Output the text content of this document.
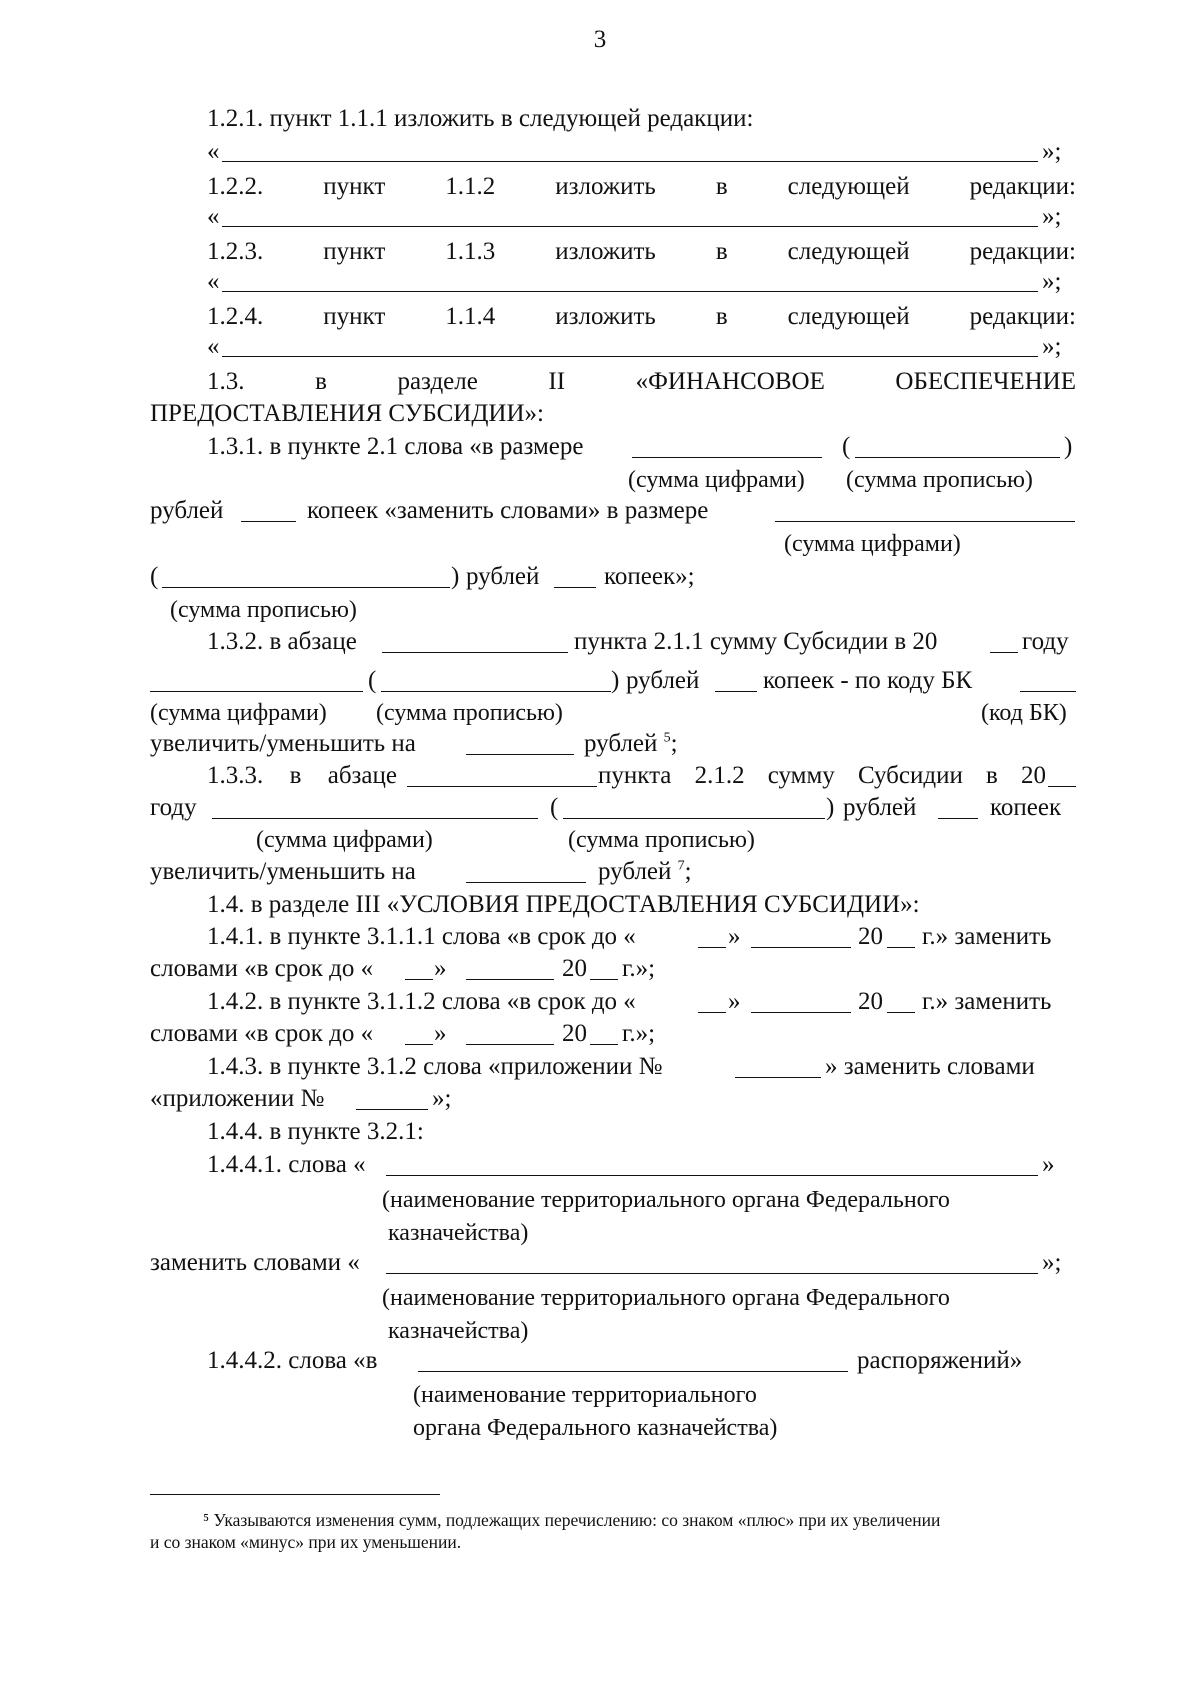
3
1.2.1. пункт 1.1.1 изложить в следующей редакции:
«	»;
1.2.2. пункт 1.1.2 изложить в следующей редакции:
«	»;
1.2.3. пункт 1.1.3 изложить в следующей редакции:
«	»;
1.2.4. пункт 1.1.4 изложить в следующей редакции:
«	»;
1.3.	в	разделе	II	«ФИНАНСОВОЕ	ОБЕСПЕЧЕНИЕ
ПРЕДОСТАВЛЕНИЯ СУБСИДИИ»:
1.3.1. в пункте 2.1 слова «в размере	(	)
(сумма цифрами) (сумма прописью)
рублей	копеек «заменить словами» в размере
(сумма цифрами)
(	) рублей	копеек»;
(сумма прописью)
1.3.2. в абзаце	пункта 2.1.1 сумму Субсидии в 20	году
(	) рублей	копеек - по коду БК
(сумма цифрами) (сумма прописью)	(код БК)
увеличить/уменьшить на	рублей $^5$;
1.3.3. в абзаце	пункта 2.1.2 сумму Субсидии в 20
году	(	) рублей	копеек
(сумма цифрами)	(сумма прописью)
увеличить/уменьшить на	рублей $^7$;
1.4. в разделе III «УСЛОВИЯ ПРЕДОСТАВЛЕНИЯ СУБСИДИИ»:
1.4.1. в пункте 3.1.1.1 слова «в срок до «	»	20 г.» заменить
словами «в срок до « »	20 г.»;
1.4.2. в пункте 3.1.1.2 слова «в срок до «	»	20 г.» заменить
словами «в срок до « »	20 г.»;
1.4.3. в пункте 3.1.2 слова «приложении №	» заменить словами
«приложении №	»;
1.4.4. в пункте 3.2.1:
1.4.4.1. слова «	»
(наименование территориального органа Федерального
казначейства)
заменить словами «	»;
(наименование территориального органа Федерального
казначейства)
1.4.4.2. слова «в	распоряжений»
(наименование территориального
органа Федерального казначейства)
⁵ Указываются изменения сумм, подлежащих перечислению: со знаком «плюс» при их увеличении
и со знаком «минус» при их уменьшении.
